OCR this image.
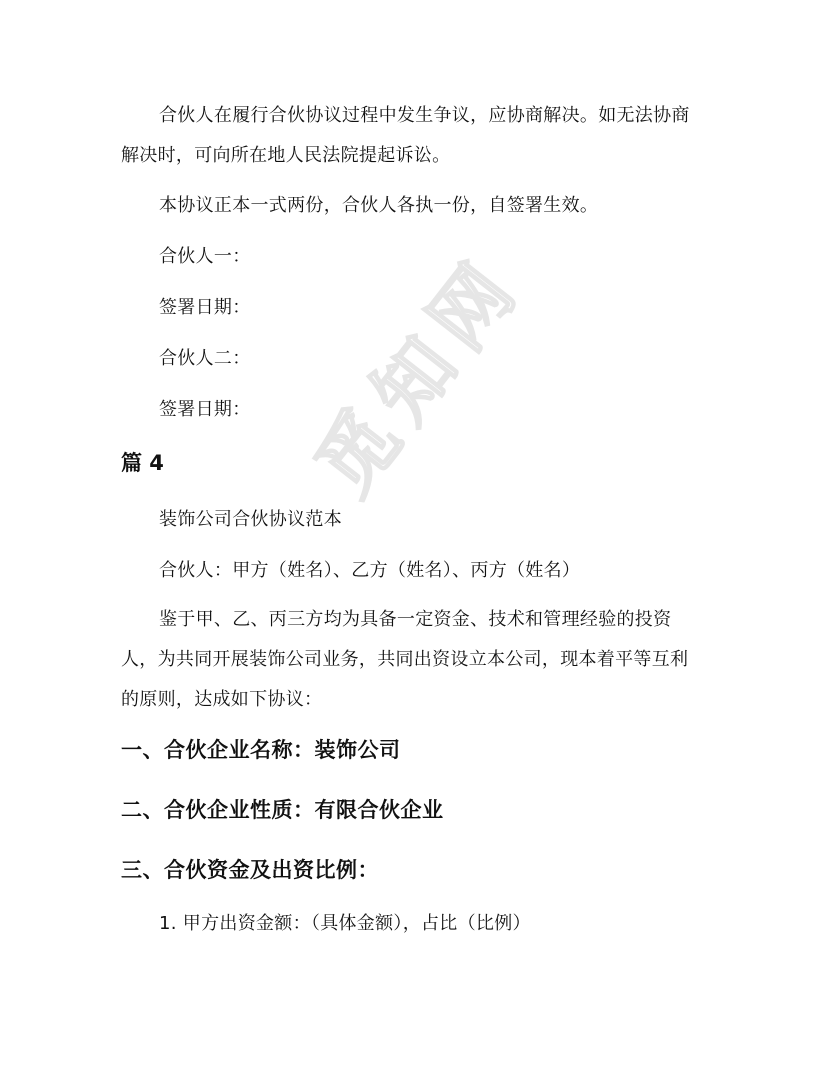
觅知网
合伙人在履行合伙协议过程中发生争议，应协商解决。如无法协商解决时，可向所在地人民法院提起诉讼。
本协议正本一式两份，合伙人各执一份，自签署生效。
合伙人一：
签署日期：
合伙人二：
签署日期：
篇 4
装饰公司合伙协议范本
合伙人：甲方（姓名）、乙方（姓名）、丙方（姓名）
鉴于甲、乙、丙三方均为具备一定资金、技术和管理经验的投资人，为共同开展装饰公司业务，共同出资设立本公司，现本着平等互利的原则，达成如下协议：
一、合伙企业名称：装饰公司
二、合伙企业性质：有限合伙企业
三、合伙资金及出资比例：
1. 甲方出资金额：（具体金额），占比（比例）
